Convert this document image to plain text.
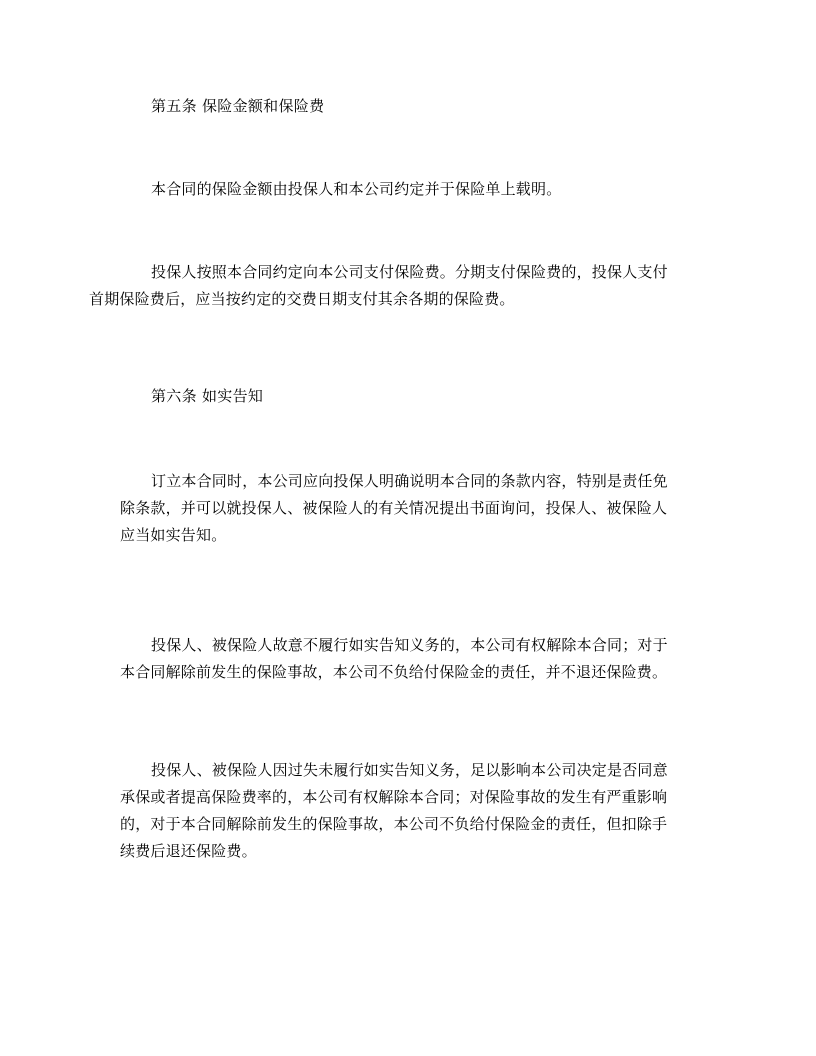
第五条 保险金额和保险费

本合同的保险金额由投保人和本公司约定并于保险单上载明。

投保人按照本合同约定向本公司支付保险费。分期支付保险费的，投保人支付
首期保险费后，应当按约定的交费日期支付其余各期的保险费。

第六条 如实告知

订立本合同时，本公司应向投保人明确说明本合同的条款内容，特别是责任免
除条款，并可以就投保人、被保险人的有关情况提出书面询问，投保人、被保险人
应当如实告知。

投保人、被保险人故意不履行如实告知义务的，本公司有权解除本合同；对于
本合同解除前发生的保险事故，本公司不负给付保险金的责任，并不退还保险费。

投保人、被保险人因过失未履行如实告知义务，足以影响本公司决定是否同意
承保或者提高保险费率的，本公司有权解除本合同；对保险事故的发生有严重影响
的，对于本合同解除前发生的保险事故，本公司不负给付保险金的责任，但扣除手
续费后退还保险费。
